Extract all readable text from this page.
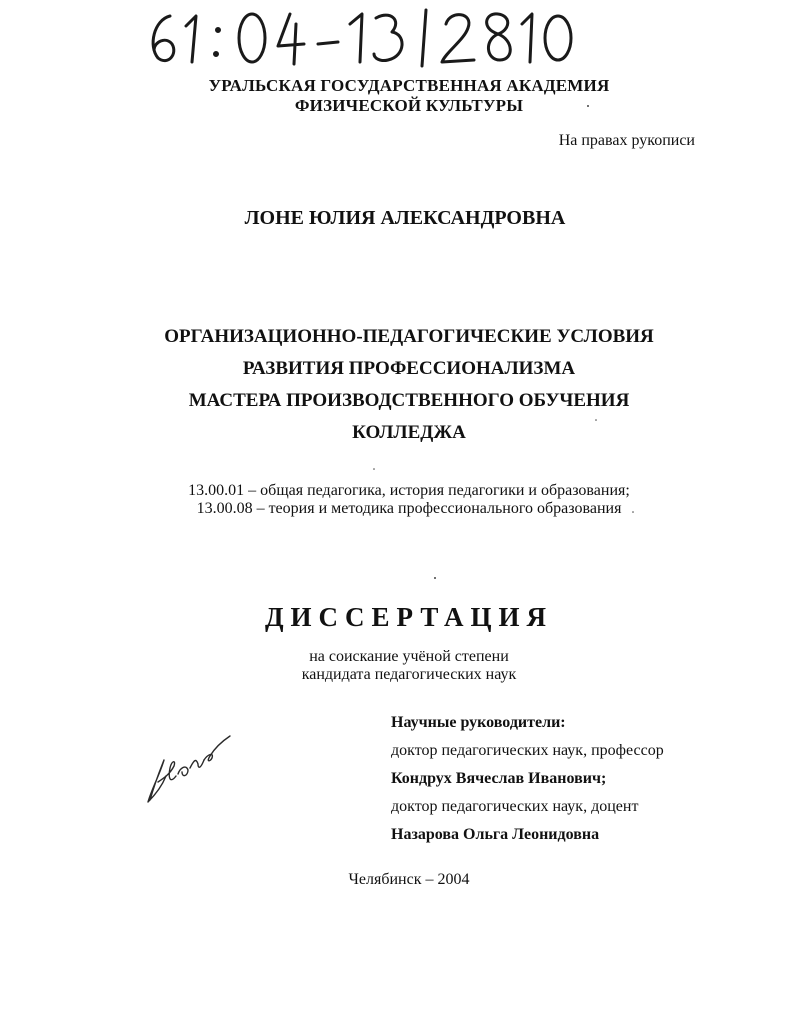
УРАЛЬСКАЯ ГОСУДАРСТВЕННАЯ АКАДЕМИЯ
ФИЗИЧЕСКОЙ КУЛЬТУРЫ
На правах рукописи
ЛОНЕ ЮЛИЯ АЛЕКСАНДРОВНА
ОРГАНИЗАЦИОННО-ПЕДАГОГИЧЕСКИЕ УСЛОВИЯ
РАЗВИТИЯ ПРОФЕССИОНАЛИЗМА
МАСТЕРА ПРОИЗВОДСТВЕННОГО ОБУЧЕНИЯ
КОЛЛЕДЖА
13.00.01 – общая педагогика, история педагогики и образования;
13.00.08 – теория и методика профессионального образования
ДИССЕРТАЦИЯ
на соискание учёной степени
кандидата педагогических наук
Научные руководители:
доктор педагогических наук, профессор
Кондрух Вячеслав Иванович;
доктор педагогических наук, доцент
Назарова Ольга Леонидовна
Челябинск – 2004
